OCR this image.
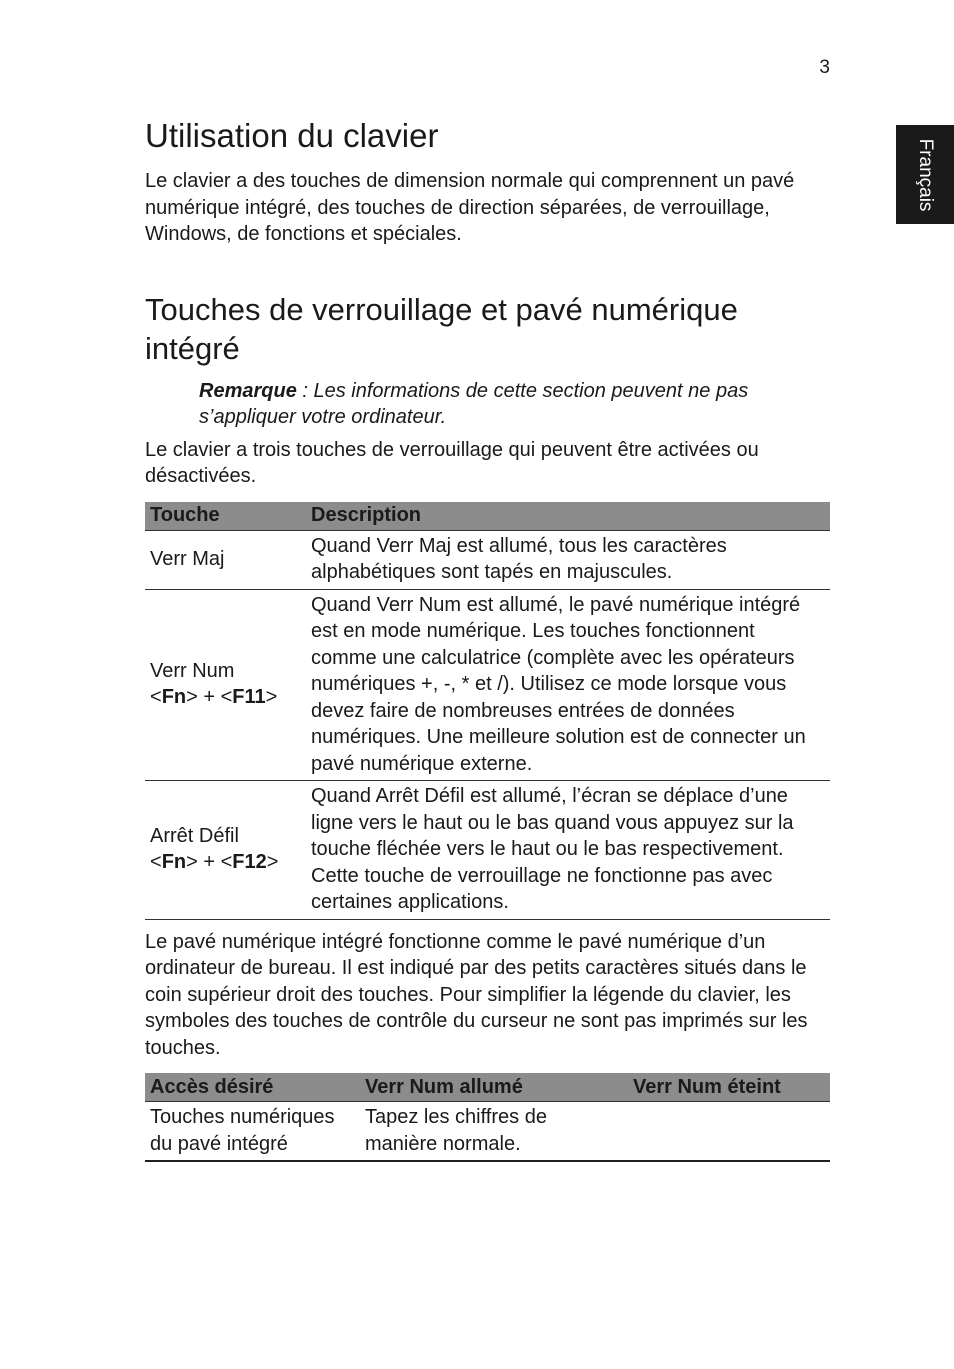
3
Français
Utilisation du clavier

Le clavier a des touches de dimension normale qui comprennent un pavé numérique intégré, des touches de direction séparées, de verrouillage, Windows, de fonctions et spéciales.

Touches de verrouillage et pavé numérique intégré

Remarque : Les informations de cette section peuvent ne pas s’appliquer votre ordinateur.

Le clavier a trois touches de verrouillage qui peuvent être activées ou désactivées.

Touche	Description
Verr Maj	Quand Verr Maj est allumé, tous les caractères alphabétiques sont tapés en majuscules.

Verr Num
<Fn> + <F11>	Quand Verr Num est allumé, le pavé numérique intégré est en mode numérique. Les touches fonctionnent comme une calculatrice (complète avec les opérateurs numériques +, -, * et /). Utilisez ce mode lorsque vous devez faire de nombreuses entrées de données numériques. Une meilleure solution est de connecter un pavé numérique externe.

Arrêt Défil
<Fn> + <F12>	Quand Arrêt Défil est allumé, l’écran se déplace d’une ligne vers le haut ou le bas quand vous appuyez sur la touche fléchée vers le haut ou le bas respectivement. Cette touche de verrouillage ne fonctionne pas avec certaines applications.

Le pavé numérique intégré fonctionne comme le pavé numérique d’un ordinateur de bureau. Il est indiqué par des petits caractères situés dans le coin supérieur droit des touches. Pour simplifier la légende du clavier, les symboles des touches de contrôle du curseur ne sont pas imprimés sur les touches.

Accès désiré	Verr Num allumé	Verr Num éteint
Touches numériques du pavé intégré	Tapez les chiffres de manière normale.	
